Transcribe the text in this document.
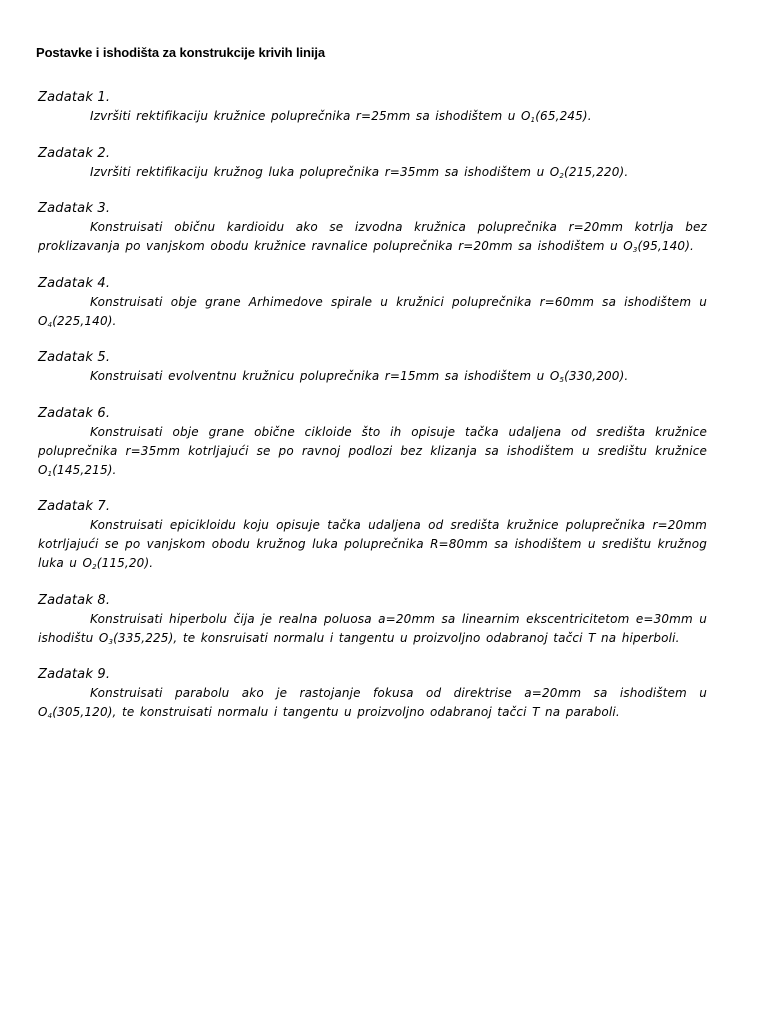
Postavke i ishodišta za konstrukcije krivih linija

Zadatak 1.

Izvršiti rektifikaciju kružnice poluprečnika r=25mm sa ishodištem u $O_1(65,245)$.

Zadatak 2.

Izvršiti rektifikaciju kružnog luka poluprečnika r=35mm sa ishodištem u $O_2(215,220)$.

Zadatak 3.

Konstruisati običnu kardioidu ako se izvodna kružnica poluprečnika r=20mm kotrlja bez proklizavanja po vanjskom obodu kružnice ravnalice poluprečnika r=20mm sa ishodištem u $O_3(95,140)$.

Zadatak 4.

Konstruisati obje grane Arhimedove spirale u kružnici poluprečnika r=60mm sa ishodištem u $O_4(225,140)$.

Zadatak 5.

Konstruisati evolventnu kružnicu poluprečnika r=15mm sa ishodištem u $O_5(330,200)$.

Zadatak 6.

Konstruisati obje grane obične cikloide što ih opisuje tačka udaljena od središta kružnice poluprečnika r=35mm kotrljajući se po ravnoj podlozi bez klizanja sa ishodištem u središtu kružnice $O_1(145,215)$.

Zadatak 7.

Konstruisati epicikloidu koju opisuje tačka udaljena od središta kružnice poluprečnika r=20mm kotrljajući se po vanjskom obodu kružnog luka poluprečnika R=80mm sa ishodištem u središtu kružnog luka u $O_2(115,20)$.

Zadatak 8.

Konstruisati hiperbolu čija je realna poluosa a=20mm sa linearnim ekscentricitetom e=30mm u ishodištu $O_3(335,225)$, te konsruisati normalu i tangentu u proizvoljno odabranoj tačci T na hiperboli.

Zadatak 9.

Konstruisati parabolu ako je rastojanje fokusa od direktrise a=20mm sa ishodištem u $O_4(305,120)$, te konstruisati normalu i tangentu u proizvoljno odabranoj tačci T na paraboli.
